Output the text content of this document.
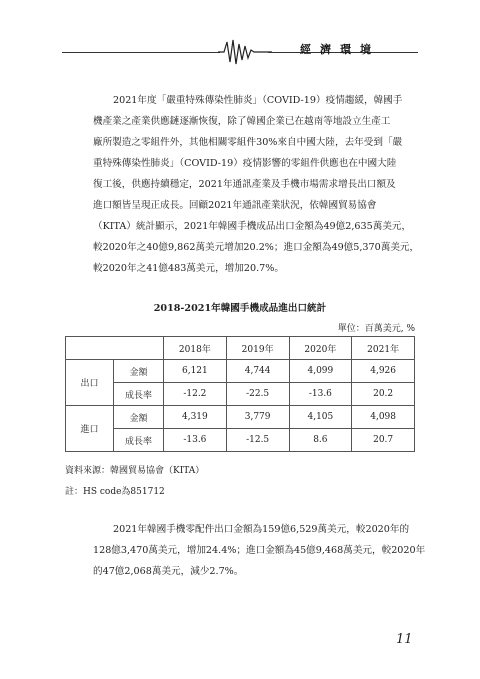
經濟環境
2021年度「嚴重特殊傳染性肺炎」（COVID-19）疫情趨緩，韓國手
機產業之產業供應鏈逐漸恢復，除了韓國企業已在越南等地設立生產工
廠所製造之零組件外，其他相關零組件30%來自中國大陸，去年受到「嚴
重特殊傳染性肺炎」（COVID-19）疫情影響的零組件供應也在中國大陸
復工後，供應持續穩定，2021年通訊產業及手機市場需求增長出口額及
進口額皆呈現正成長。回顧2021年通訊產業狀況，依韓國貿易協會
（KITA）統計顯示，2021年韓國手機成品出口金額為49億2,635萬美元，
較2020年之40億9,862萬美元增加20.2%；進口金額為49億5,370萬美元，
較2020年之41億483萬美元，增加20.7%。
2018-2021年韓國手機成品進出口統計
單位：百萬美元, %
		2018年	2019年	2020年	2021年
出口	金額	6,121	4,744	4,099	4,926
	成長率	-12.2	-22.5	-13.6	20.2
進口	金額	4,319	3,779	4,105	4,098
	成長率	-13.6	-12.5	8.6	20.7
資料來源：韓國貿易協會（KITA）
註：HS code為851712
2021年韓國手機零配件出口金額為159億6,529萬美元，較2020年的
128億3,470萬美元，增加24.4%；進口金額為45億9,468萬美元，較2020年
的47億2,068萬美元，減少2.7%。
11
